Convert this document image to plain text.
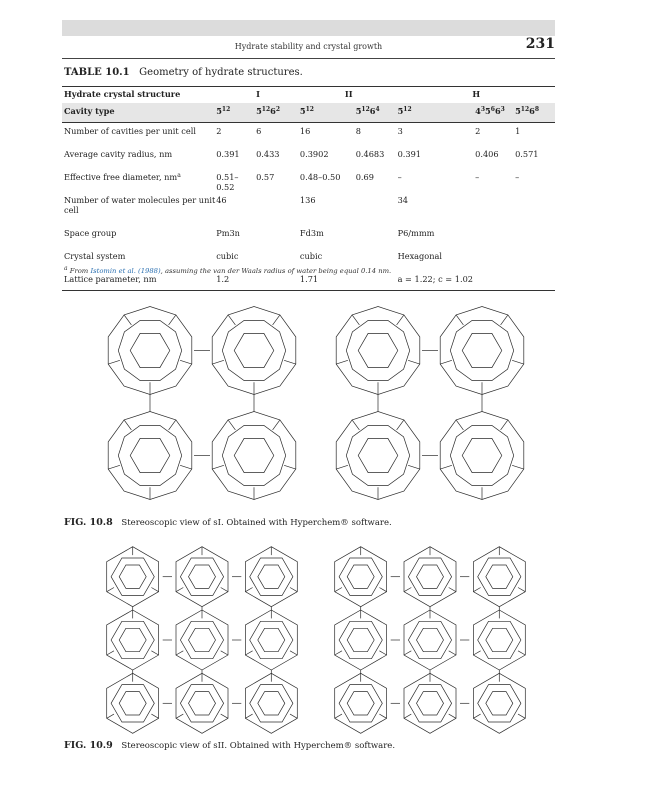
Hydrate stability and crystal growth	231
TABLE 10.1 Geometry of hydrate structures.
Hydrate crystal structure	I		II		H		
Cavity type	$5^{12}$	$5^{12}6^2$	$5^{12}$	$5^{12}6^4$	$5^{12}$	$4^35^66^3$	$5^{12}6^8$
Number of cavities per unit cell	2	6	16	8	3	2	1
Average cavity radius, nm	0.391	0.433	0.3902	0.4683	0.391	0.406	0.571
Effective free diameter, $nm^a$	0.51–0.52	0.57	0.48–0.50	0.69	–	–	–
Number of water molecules per unit cell	46		136		34		
Space group	Pm3n		Fd3m		P6/mmm		
Crystal system	cubic		cubic		Hexagonal		
Lattice parameter, nm	1.2		1.71		a = 1.22; c = 1.02		
$^a$ From Istomin et al. (1988), assuming the van der Waals radius of water being equal 0.14 nm.
FIG. 10.8 Stereoscopic view of sI. Obtained with Hyperchem® software.
FIG. 10.9 Stereoscopic view of sII. Obtained with Hyperchem® software.
